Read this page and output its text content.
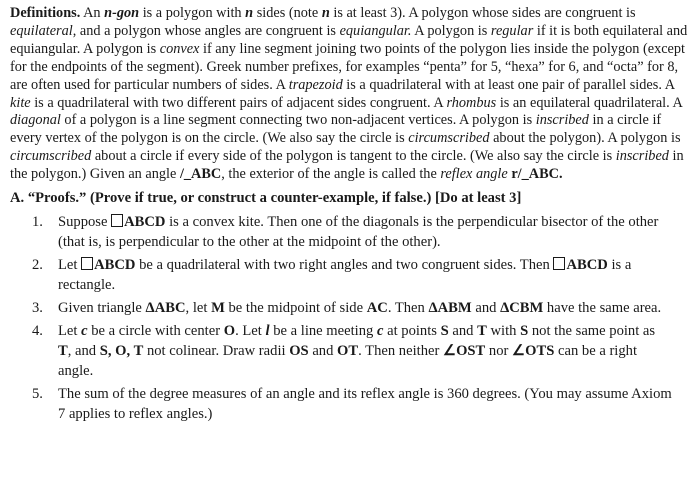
Definitions. An n-gon is a polygon with n sides (note n is at least 3). A polygon whose sides are congruent is equilateral, and a polygon whose angles are congruent is equiangular. A polygon is regular if it is both equilateral and equiangular. A polygon is convex if any line segment joining two points of the polygon lies inside the polygon (except for the endpoints of the segment). Greek number prefixes, for examples “penta” for 5, “hexa” for 6, and “octa” for 8, are often used for particular numbers of sides. A trapezoid is a quadrilateral with at least one pair of parallel sides. A kite is a quadrilateral with two different pairs of adjacent sides congruent. A rhombus is an equilateral quadrilateral. A diagonal of a polygon is a line segment connecting two non-adjacent vertices. A polygon is inscribed in a circle if every vertex of the polygon is on the circle. (We also say the circle is circumscribed about the polygon). A polygon is circumscribed about a circle if every side of the polygon is tangent to the circle. (We also say the circle is inscribed in the polygon.) Given an angle /_ABC, the exterior of the angle is called the reflex angle r/_ABC.
A. “Proofs.” (Prove if true, or construct a counter-example, if false.) [Do at least 3]
1. Suppose ABCD is a convex kite. Then one of the diagonals is the perpendicular bisector of the other (that is, is perpendicular to the other at the midpoint of the other).
2. Let ABCD be a quadrilateral with two right angles and two congruent sides. Then ABCD is a rectangle.
3. Given triangle ΔABC, let M be the midpoint of side AC. Then ΔABM and ΔCBM have the same area.
4. Let c be a circle with center O. Let l be a line meeting c at points S and T with S not the same point as T, and S, O, T not colinear. Draw radii OS and OT. Then neither ∠OST nor ∠OTS can be a right angle.
5. The sum of the degree measures of an angle and its reflex angle is 360 degrees. (You may assume Axiom 7 applies to reflex angles.)
